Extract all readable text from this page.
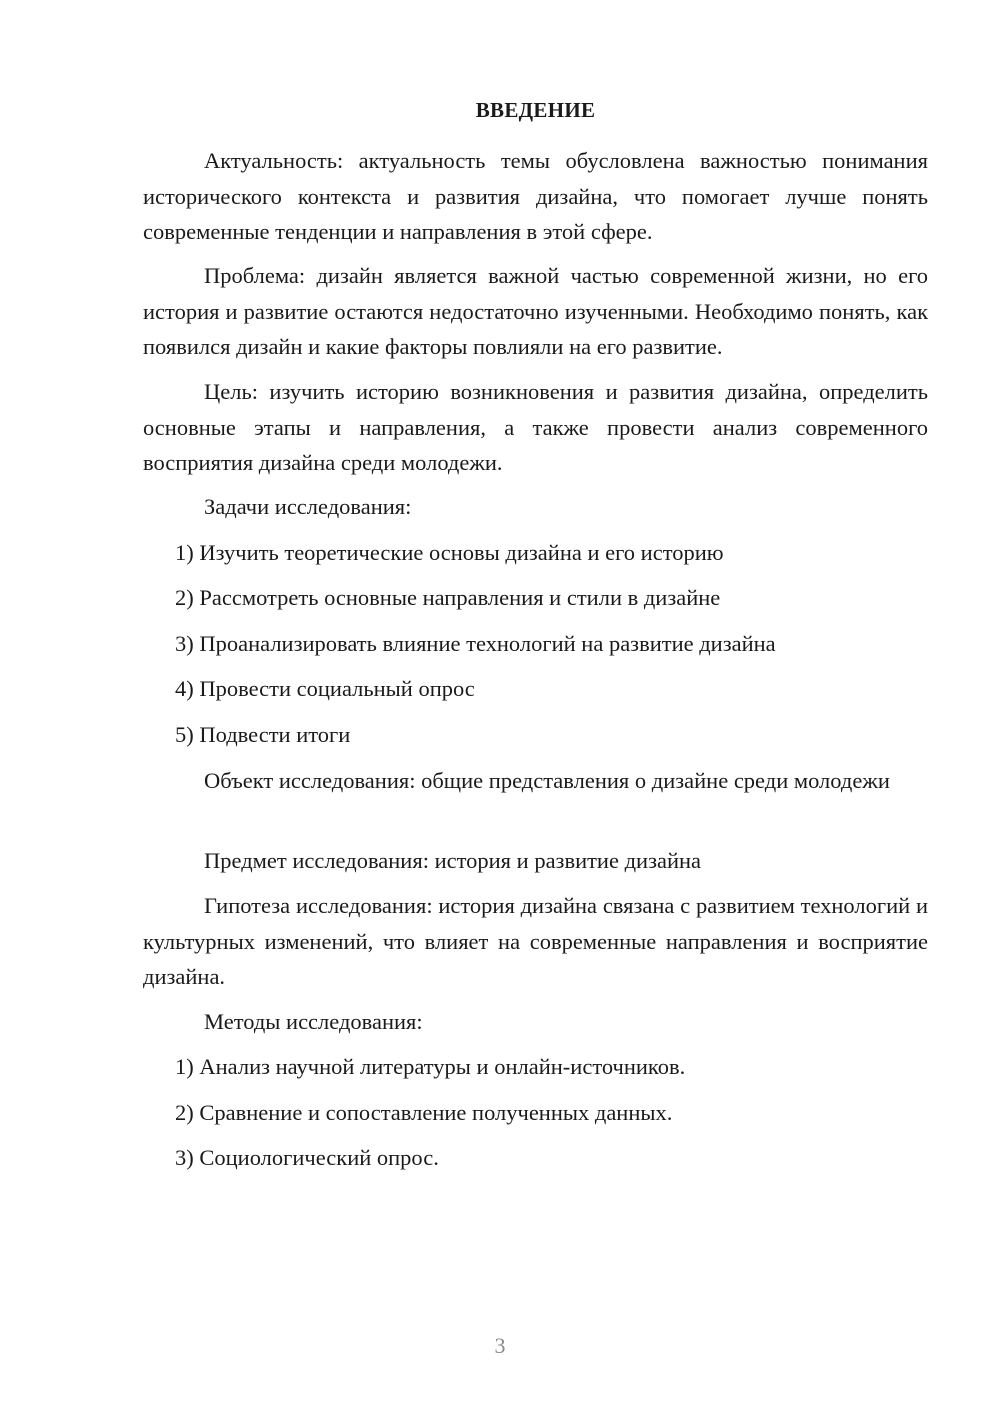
ВВЕДЕНИЕ
Актуальность: актуальность темы обусловлена важностью понимания исторического контекста и развития дизайна, что помогает лучше понять современные тенденции и направления в этой сфере.
Проблема: дизайн является важной частью современной жизни, но его история и развитие остаются недостаточно изученными. Необходимо понять, как появился дизайн и какие факторы повлияли на его развитие.
Цель: изучить историю возникновения и развития дизайна, определить основные этапы и направления, а также провести анализ современного восприятия дизайна среди молодежи.
Задачи исследования:
1) Изучить теоретические основы дизайна и его историю
2) Рассмотреть основные направления и стили в дизайне
3) Проанализировать влияние технологий на развитие дизайна
4) Провести социальный опрос
5) Подвести итоги
Объект исследования: общие представления о дизайне среди молодежи
Предмет исследования: история и развитие дизайна
Гипотеза исследования: история дизайна связана с развитием технологий и культурных изменений, что влияет на современные направления и восприятие дизайна.
Методы исследования:
1) Анализ научной литературы и онлайн-источников.
2) Сравнение и сопоставление полученных данных.
3) Социологический опрос.
3
